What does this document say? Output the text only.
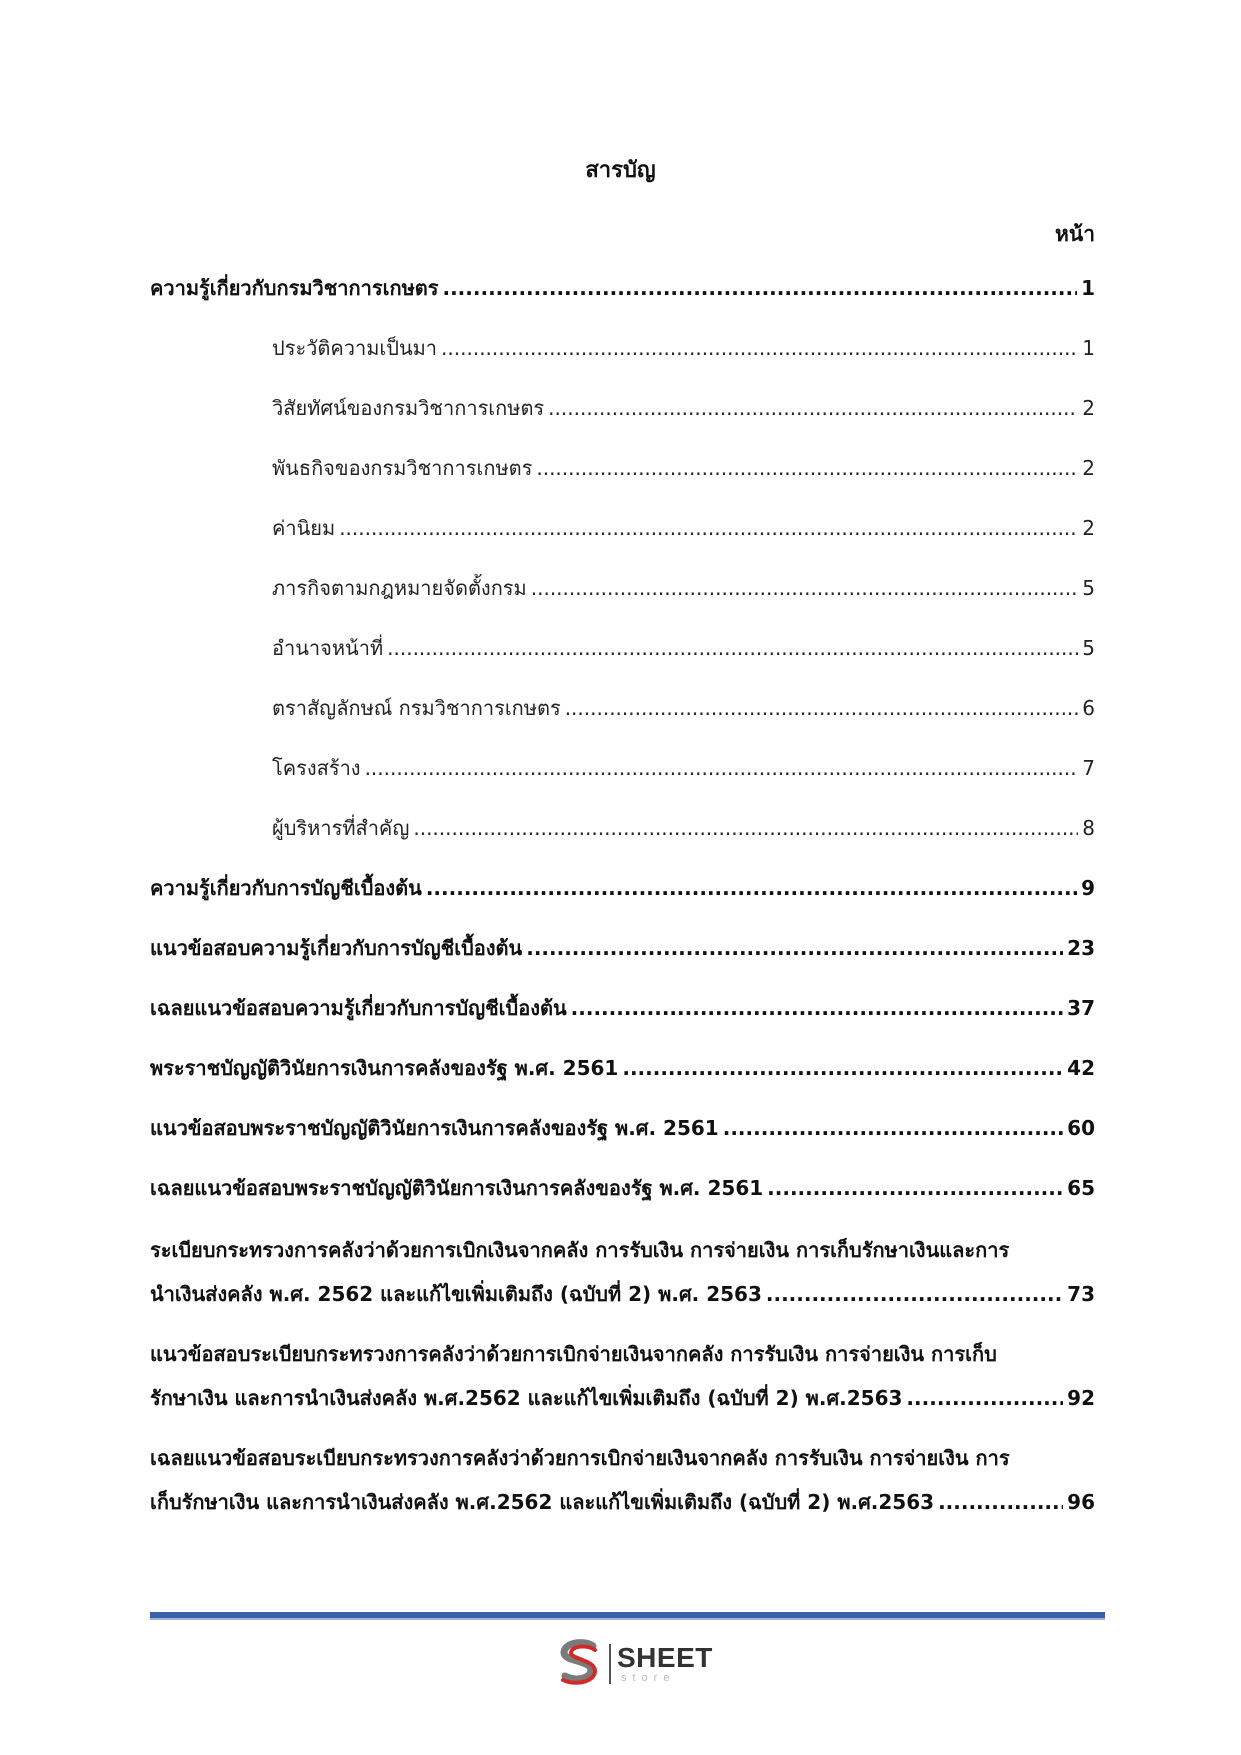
สารบัญ
หน้า
ความรู้เกี่ยวกับกรมวิชาการเกษตร .....	1
ประวัติความเป็นมา .....	1
วิสัยทัศน์ของกรมวิชาการเกษตร .....	2
พันธกิจของกรมวิชาการเกษตร .....	2
ค่านิยม .....	2
ภารกิจตามกฎหมายจัดตั้งกรม .....	5
อำนาจหน้าที่ .....	5
ตราสัญลักษณ์ กรมวิชาการเกษตร .....	6
โครงสร้าง .....	7
ผู้บริหารที่สำคัญ .....	8
ความรู้เกี่ยวกับการบัญชีเบื้องต้น .....	9
แนวข้อสอบความรู้เกี่ยวกับการบัญชีเบื้องต้น .....	23
เฉลยแนวข้อสอบความรู้เกี่ยวกับการบัญชีเบื้องต้น .....	37
พระราชบัญญัติวินัยการเงินการคลังของรัฐ พ.ศ. 2561 .....	42
แนวข้อสอบพระราชบัญญัติวินัยการเงินการคลังของรัฐ พ.ศ. 2561 .....	60
เฉลยแนวข้อสอบพระราชบัญญัติวินัยการเงินการคลังของรัฐ พ.ศ. 2561 .....	65
ระเบียบกระทรวงการคลังว่าด้วยการเบิกเงินจากคลัง การรับเงิน การจ่ายเงิน การเก็บรักษาเงินและการ
นำเงินส่งคลัง พ.ศ. 2562 และแก้ไขเพิ่มเติมถึง (ฉบับที่ 2) พ.ศ. 2563 .....	73
แนวข้อสอบระเบียบกระทรวงการคลังว่าด้วยการเบิกจ่ายเงินจากคลัง การรับเงิน การจ่ายเงิน การเก็บ
รักษาเงิน และการนำเงินส่งคลัง พ.ศ.2562 และแก้ไขเพิ่มเติมถึง (ฉบับที่ 2) พ.ศ.2563 .....	92
เฉลยแนวข้อสอบระเบียบกระทรวงการคลังว่าด้วยการเบิกจ่ายเงินจากคลัง การรับเงิน การจ่ายเงิน การ
เก็บรักษาเงิน และการนำเงินส่งคลัง พ.ศ.2562 และแก้ไขเพิ่มเติมถึง (ฉบับที่ 2) พ.ศ.2563 .....	96
SHEET
store
